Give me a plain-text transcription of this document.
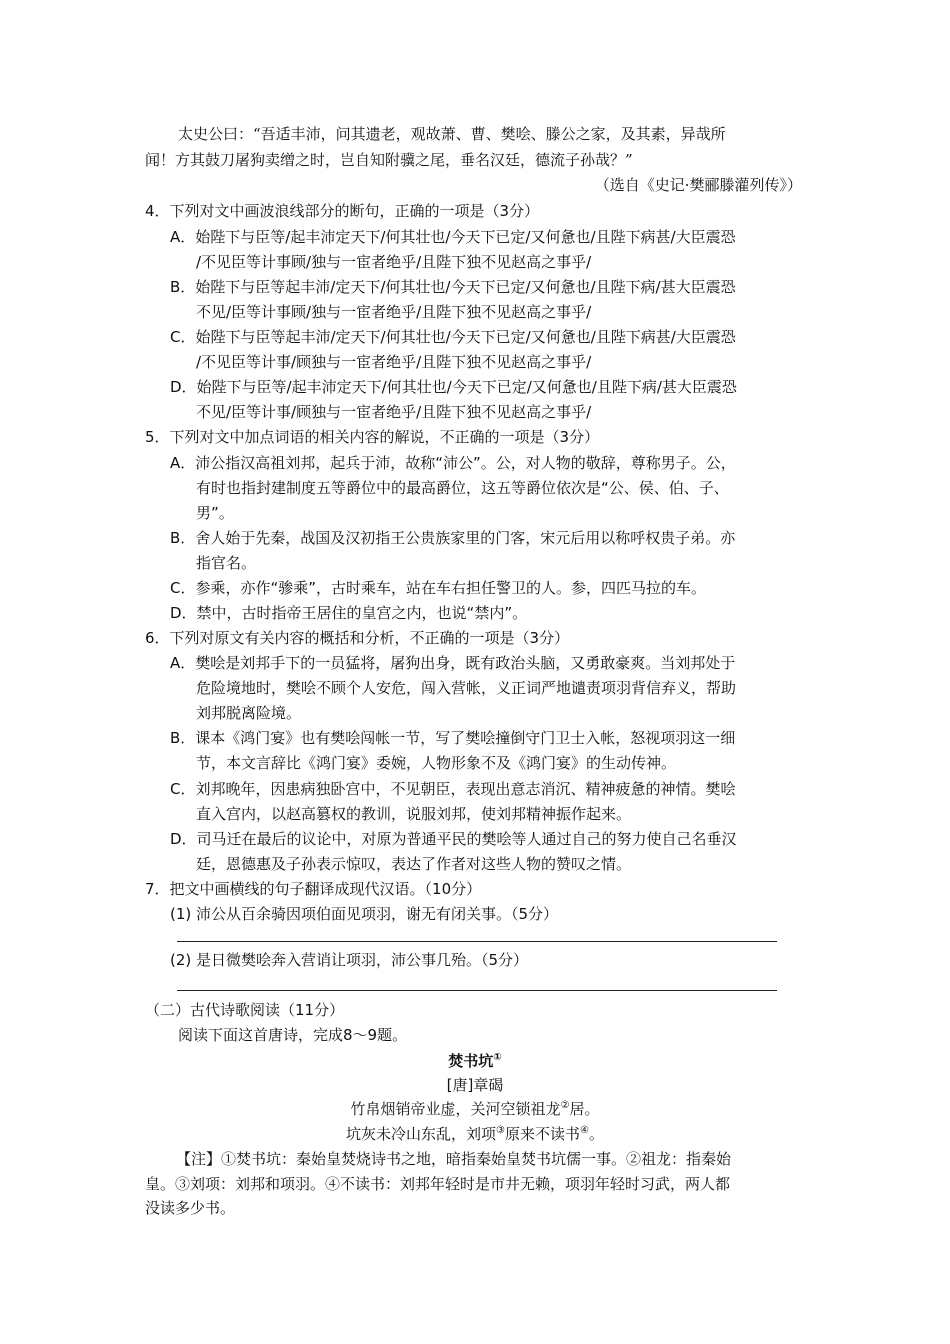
太史公曰：“吾适丰沛，问其遗老，观故萧、曹、樊哙、滕公之家，及其素，异哉所
闻！方其鼓刀屠狗卖缯之时，岂自知附骥之尾，垂名汉廷，德流子孙哉？”
（选自《史记·樊郦滕灌列传》）
4．下列对文中画波浪线部分的断句，正确的一项是（3分）
A．始陛下与臣等/起丰沛定天下/何其壮也/今天下已定/又何惫也/且陛下病甚/大臣震恐
/不见臣等计事顾/独与一宦者绝乎/且陛下独不见赵高之事乎/
B．始陛下与臣等起丰沛/定天下/何其壮也/今天下已定/又何惫也/且陛下病/甚大臣震恐
不见/臣等计事顾/独与一宦者绝乎/且陛下独不见赵高之事乎/
C．始陛下与臣等起丰沛/定天下/何其壮也/今天下已定/又何惫也/且陛下病甚/大臣震恐
/不见臣等计事/顾独与一宦者绝乎/且陛下独不见赵高之事乎/
D．始陛下与臣等/起丰沛定天下/何其壮也/今天下已定/又何惫也/且陛下病/甚大臣震恐
不见/臣等计事/顾独与一宦者绝乎/且陛下独不见赵高之事乎/
5．下列对文中加点词语的相关内容的解说，不正确的一项是（3分）
A．沛公指汉高祖刘邦，起兵于沛，故称“沛公”。公，对人物的敬辞，尊称男子。公，
有时也指封建制度五等爵位中的最高爵位，这五等爵位依次是“公、侯、伯、子、
男”。
B．舍人始于先秦，战国及汉初指王公贵族家里的门客，宋元后用以称呼权贵子弟。亦
指官名。
C．参乘，亦作“骖乘”，古时乘车，站在车右担任警卫的人。参，四匹马拉的车。
D．禁中，古时指帝王居住的皇宫之内，也说“禁内”。
6．下列对原文有关内容的概括和分析，不正确的一项是（3分）
A．樊哙是刘邦手下的一员猛将，屠狗出身，既有政治头脑，又勇敢豪爽。当刘邦处于
危险境地时，樊哙不顾个人安危，闯入营帐，义正词严地谴责项羽背信弃义，帮助
刘邦脱离险境。
B．课本《鸿门宴》也有樊哙闯帐一节，写了樊哙撞倒守门卫士入帐，怒视项羽这一细
节，本文言辞比《鸿门宴》委婉，人物形象不及《鸿门宴》的生动传神。
C．刘邦晚年，因患病独卧宫中，不见朝臣，表现出意志消沉、精神疲惫的神情。樊哙
直入宫内，以赵高篡权的教训，说服刘邦，使刘邦精神振作起来。
D．司马迁在最后的议论中，对原为普通平民的樊哙等人通过自己的努力使自己名垂汉
廷，恩德惠及子孙表示惊叹，表达了作者对这些人物的赞叹之情。
7．把文中画横线的句子翻译成现代汉语。（10分）
(1) 沛公从百余骑因项伯面见项羽，谢无有闭关事。（5分）
(2) 是日微樊哙奔入营诮让项羽，沛公事几殆。（5分）
（二）古代诗歌阅读（11分）
阅读下面这首唐诗，完成8～9题。
焚书坑①
[唐]章碣
竹帛烟销帝业虚，关河空锁祖龙②居。
坑灰未冷山东乱，刘项③原来不读书④。
【注】①焚书坑：秦始皇焚烧诗书之地，暗指秦始皇焚书坑儒一事。②祖龙：指秦始
皇。③刘项：刘邦和项羽。④不读书：刘邦年轻时是市井无赖，项羽年轻时习武，两人都
没读多少书。
